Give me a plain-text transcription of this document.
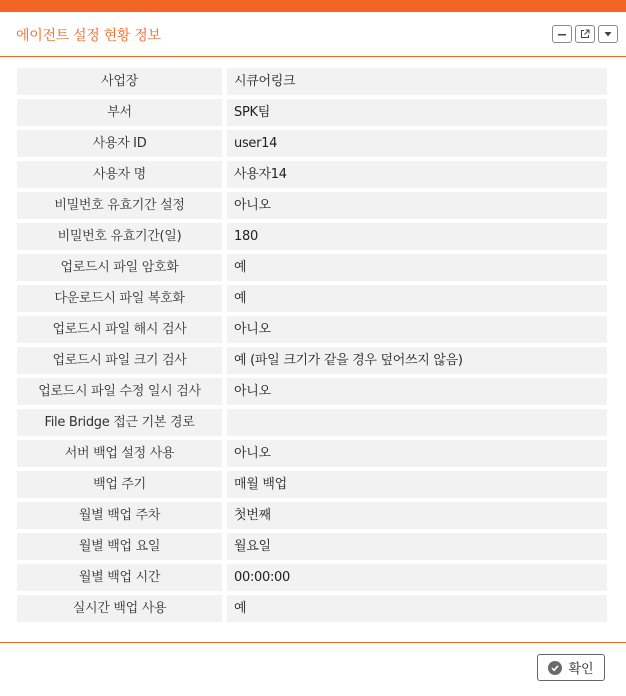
에이전트 설정 현황 정보
사업장	시큐어링크
부서	SPK팀
사용자 ID	user14
사용자 명	사용자14
비밀번호 유효기간 설정	아니오
비밀번호 유효기간(일)	180
업로드시 파일 암호화	예
다운로드시 파일 복호화	예
업로드시 파일 해시 검사	아니오
업로드시 파일 크기 검사	예 (파일 크기가 같을 경우 덮어쓰지 않음)
업로드시 파일 수정 일시 검사	아니오
File Bridge 접근 기본 경로
서버 백업 설정 사용	아니오
백업 주기	매월 백업
월별 백업 주차	첫번째
월별 백업 요일	월요일
월별 백업 시간	00:00:00
실시간 백업 사용	예
확인
